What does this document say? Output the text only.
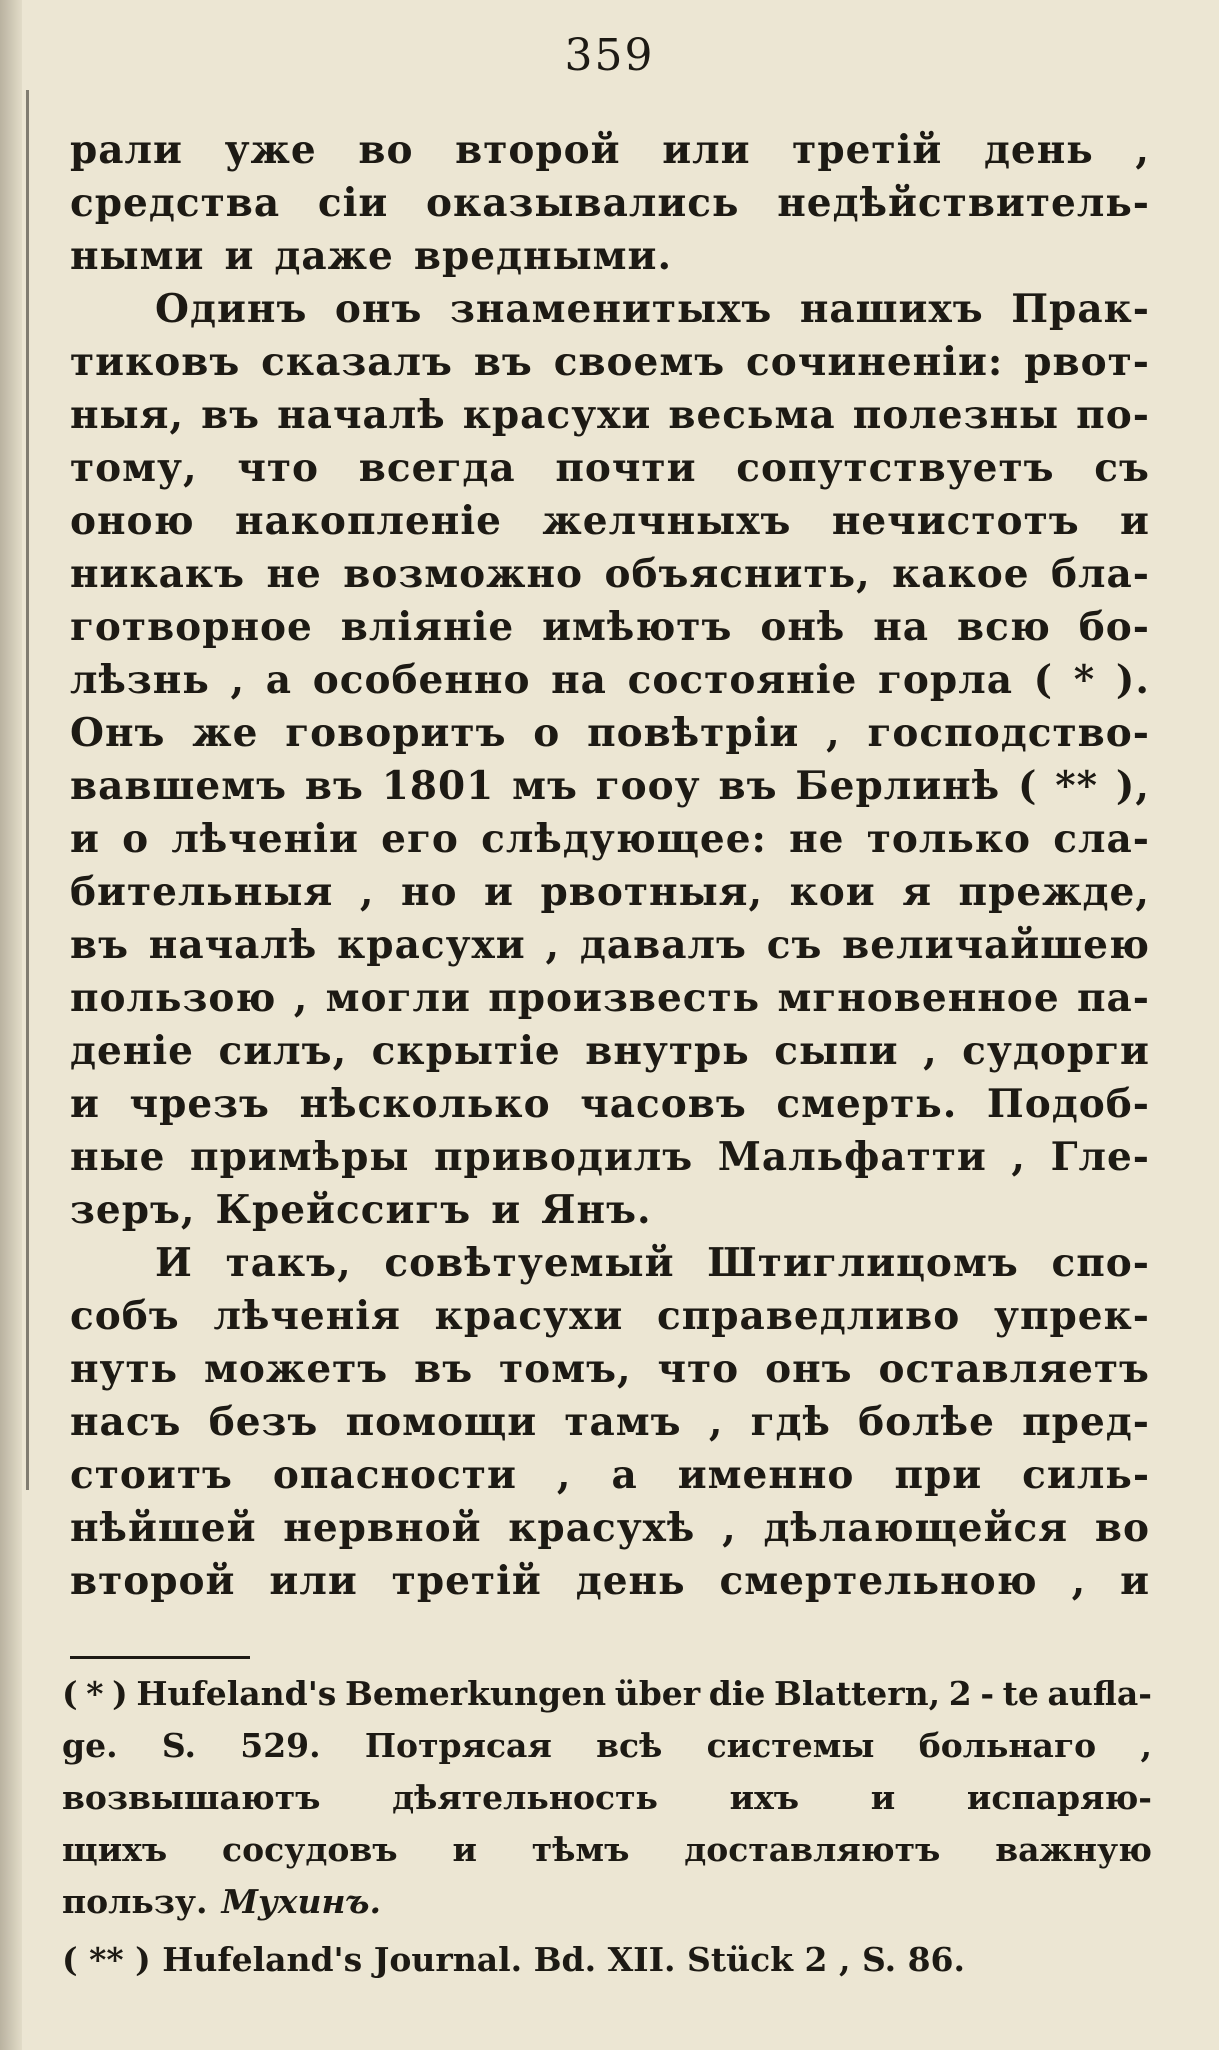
359
рали уже во второй или третій день ,
средства сіи оказывались недѣйствитель-
ными и даже вредными.
Одинъ онъ знаменитыхъ нашихъ Прак-
тиковъ сказалъ въ своемъ сочиненіи: рвот-
ныя, въ началѣ красухи весьма полезны по-
тому, что всегда почти сопутствуетъ съ
оною накопленіе желчныхъ нечистотъ и
никакъ не возможно объяснить, какое бла-
готворное вліяніе имѣютъ онѣ на всю бо-
лѣзнь , а особенно на состояніе горла ( * ).
Онъ же говоритъ о повѣтріи , господство-
вавшемъ въ 1801 мъ гооу въ Берлинѣ ( ** ),
и о лѣченіи его слѣдующее: не только сла-
бительныя , но и рвотныя, кои я прежде,
въ началѣ красухи , давалъ съ величайшею
пользою , могли произвесть мгновенное па-
деніе силъ, скрытіе внутрь сыпи , судорги
и чрезъ нѣсколько часовъ смерть. Подоб-
ные примѣры приводилъ Мальфатти , Гле-
зеръ, Крейссигъ и Янъ.
И такъ, совѣтуемый Штиглицомъ спо-
собъ лѣченія красухи справедливо упрек-
нуть можетъ въ томъ, что онъ оставляетъ
насъ безъ помощи тамъ , гдѣ болѣе пред-
стоитъ опасности , а именно при силь-
нѣйшей нервной красухѣ , дѣлающейся во
второй или третій день смертельною , и
( * ) Hufeland's Bemerkungen über die Blattern, 2 - te aufla-
ge. S. 529. Потрясая всѣ системы больнаго ,
возвышаютъ дѣятельность ихъ и испаряю-
щихъ сосудовъ и тѣмъ доставляютъ важную
пользу. Мухинъ.
( ** ) Hufeland's Journal. Bd. XII. Stück 2 , S. 86.
